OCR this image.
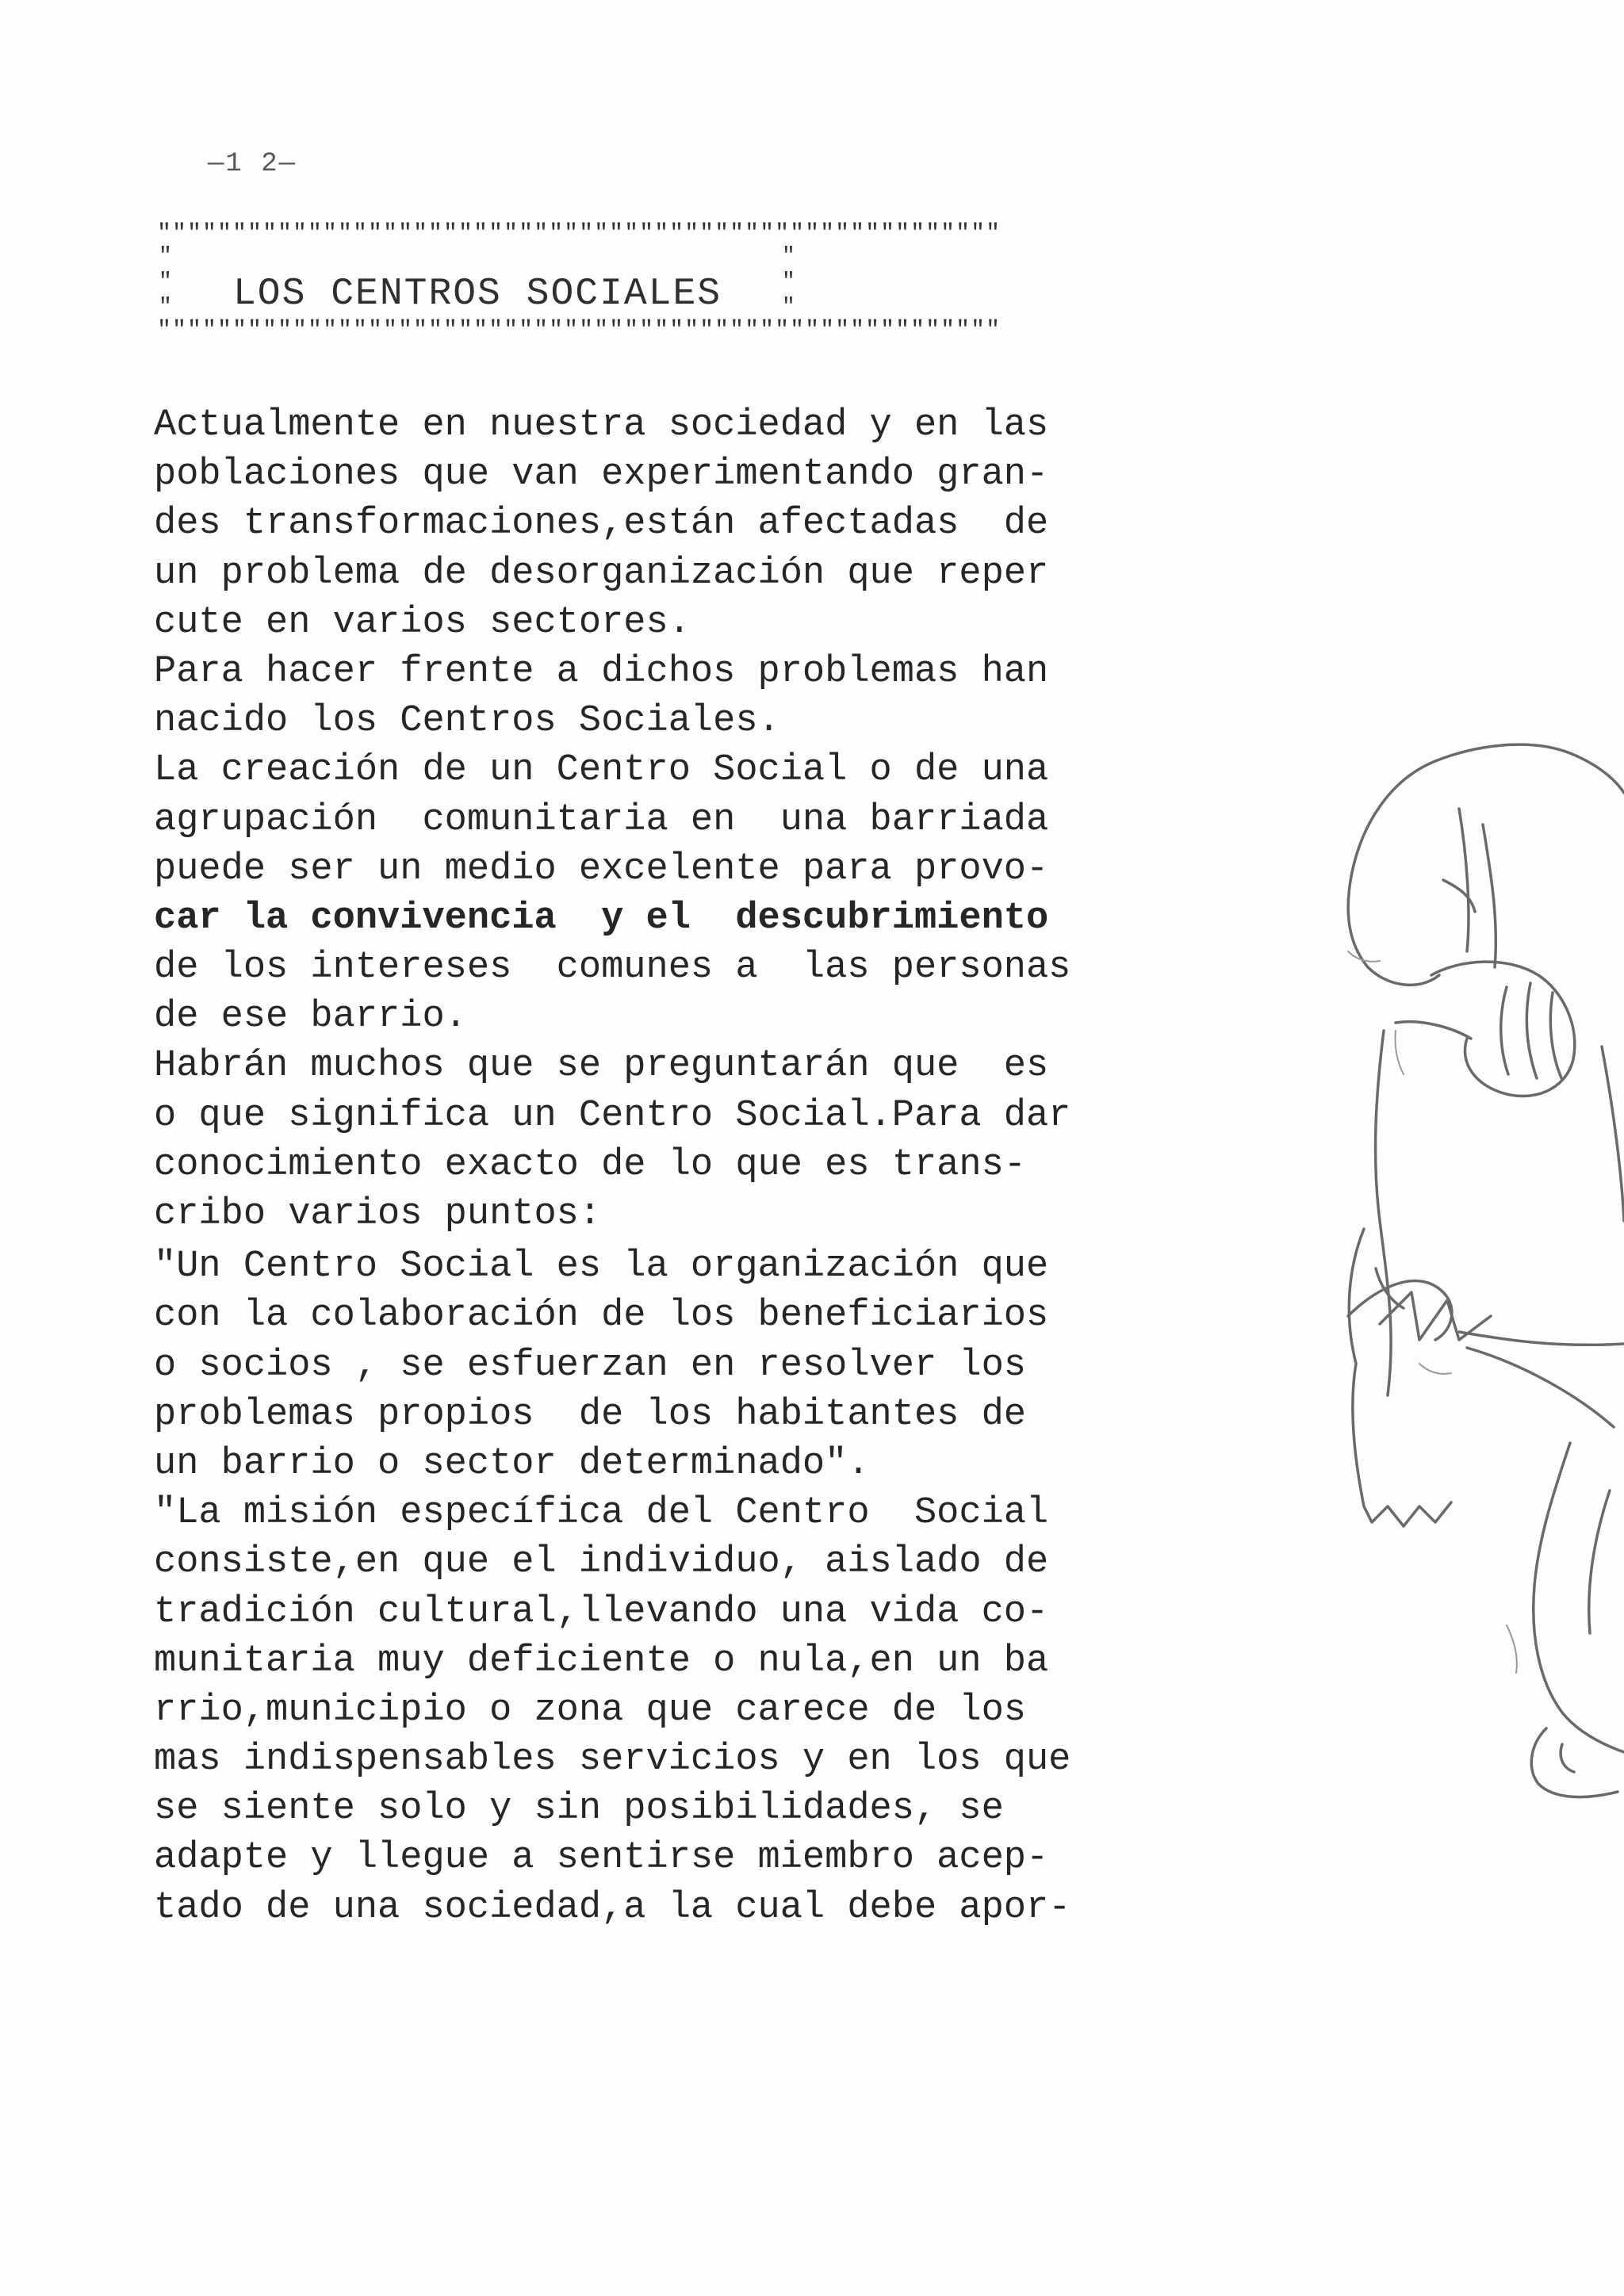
—1 2—
""""""""""""""""""""""""""""""""""""""""""""""""""""""""
"
"
" LOS CENTROS SOCIALES
"
"
"
""""""""""""""""""""""""""""""""""""""""""""""""""""""""
Actualmente en nuestra sociedad y en las
poblaciones que van experimentando gran-
des transformaciones,están afectadas  de
un problema de desorganización que reper
cute en varios sectores.
Para hacer frente a dichos problemas han
nacido los Centros Sociales.
La creación de un Centro Social o de una
agrupación  comunitaria en  una barriada
puede ser un medio excelente para provo-
car la convivencia  y el  descubrimiento
de los intereses  comunes a  las personas
de ese barrio.
Habrán muchos que se preguntarán que  es
o que significa un Centro Social.Para dar
conocimiento exacto de lo que es trans-
cribo varios puntos:
"Un Centro Social es la organización que
con la colaboración de los beneficiarios
o socios , se esfuerzan en resolver los
problemas propios  de los habitantes de
un barrio o sector determinado".
"La misión específica del Centro  Social
consiste,en que el individuo, aislado de
tradición cultural,llevando una vida co-
munitaria muy deficiente o nula,en un ba
rrio,municipio o zona que carece de los
mas indispensables servicios y en los que
se siente solo y sin posibilidades, se
adapte y llegue a sentirse miembro acep-
tado de una sociedad,a la cual debe apor-
